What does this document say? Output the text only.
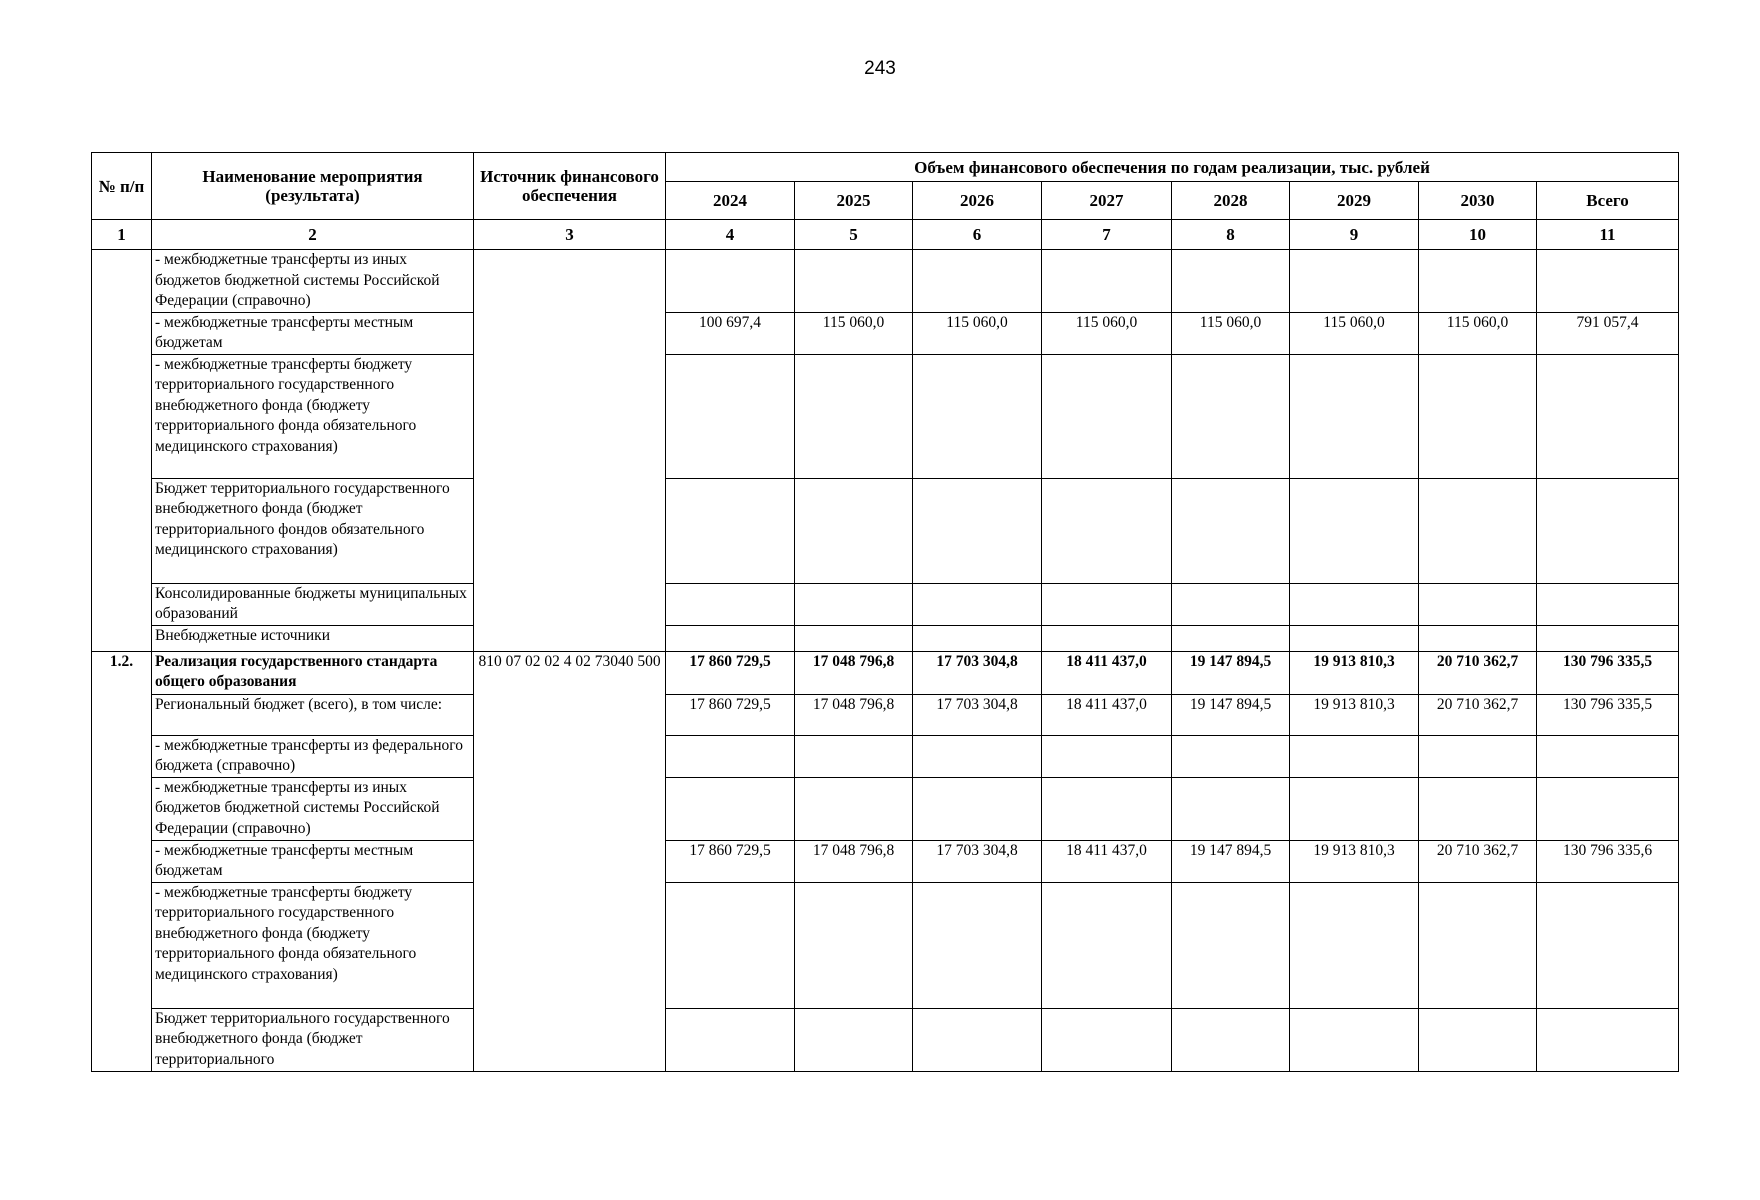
243
№ п/п	Наименование мероприятия (результата)	Источник финансового обеспечения	Объем финансового обеспечения по годам реализации, тыс. рублей							
			2024	2025	2026	2027	2028	2029	2030	Всего
1	2	3	4	5	6	7	8	9	10	11
	- межбюджетные трансферты из иных бюджетов бюджетной системы Российской Федерации (справочно)									
	- межбюджетные трансферты местным бюджетам		100 697,4	115 060,0	115 060,0	115 060,0	115 060,0	115 060,0	115 060,0	791 057,4
	- межбюджетные трансферты бюджету территориального государственного внебюджетного фонда (бюджету территориального фонда обязательного медицинского страхования)									
	Бюджет территориального государственного внебюджетного фонда (бюджет территориального фондов обязательного медицинского страхования)									
	Консолидированные бюджеты муниципальных образований									
	Внебюджетные источники									
1.2.	Реализация государственного стандарта общего образования	810 07 02 02 4 02 73040 500	17 860 729,5	17 048 796,8	17 703 304,8	18 411 437,0	19 147 894,5	19 913 810,3	20 710 362,7	130 796 335,5
	Региональный бюджет (всего), в том числе:		17 860 729,5	17 048 796,8	17 703 304,8	18 411 437,0	19 147 894,5	19 913 810,3	20 710 362,7	130 796 335,5
	- межбюджетные трансферты из федерального бюджета (справочно)									
	- межбюджетные трансферты из иных бюджетов бюджетной системы Российской Федерации (справочно)									
	- межбюджетные трансферты местным бюджетам		17 860 729,5	17 048 796,8	17 703 304,8	18 411 437,0	19 147 894,5	19 913 810,3	20 710 362,7	130 796 335,6
	- межбюджетные трансферты бюджету территориального государственного внебюджетного фонда (бюджету территориального фонда обязательного медицинского страхования)									
	Бюджет территориального государственного внебюджетного фонда (бюджет территориального									
